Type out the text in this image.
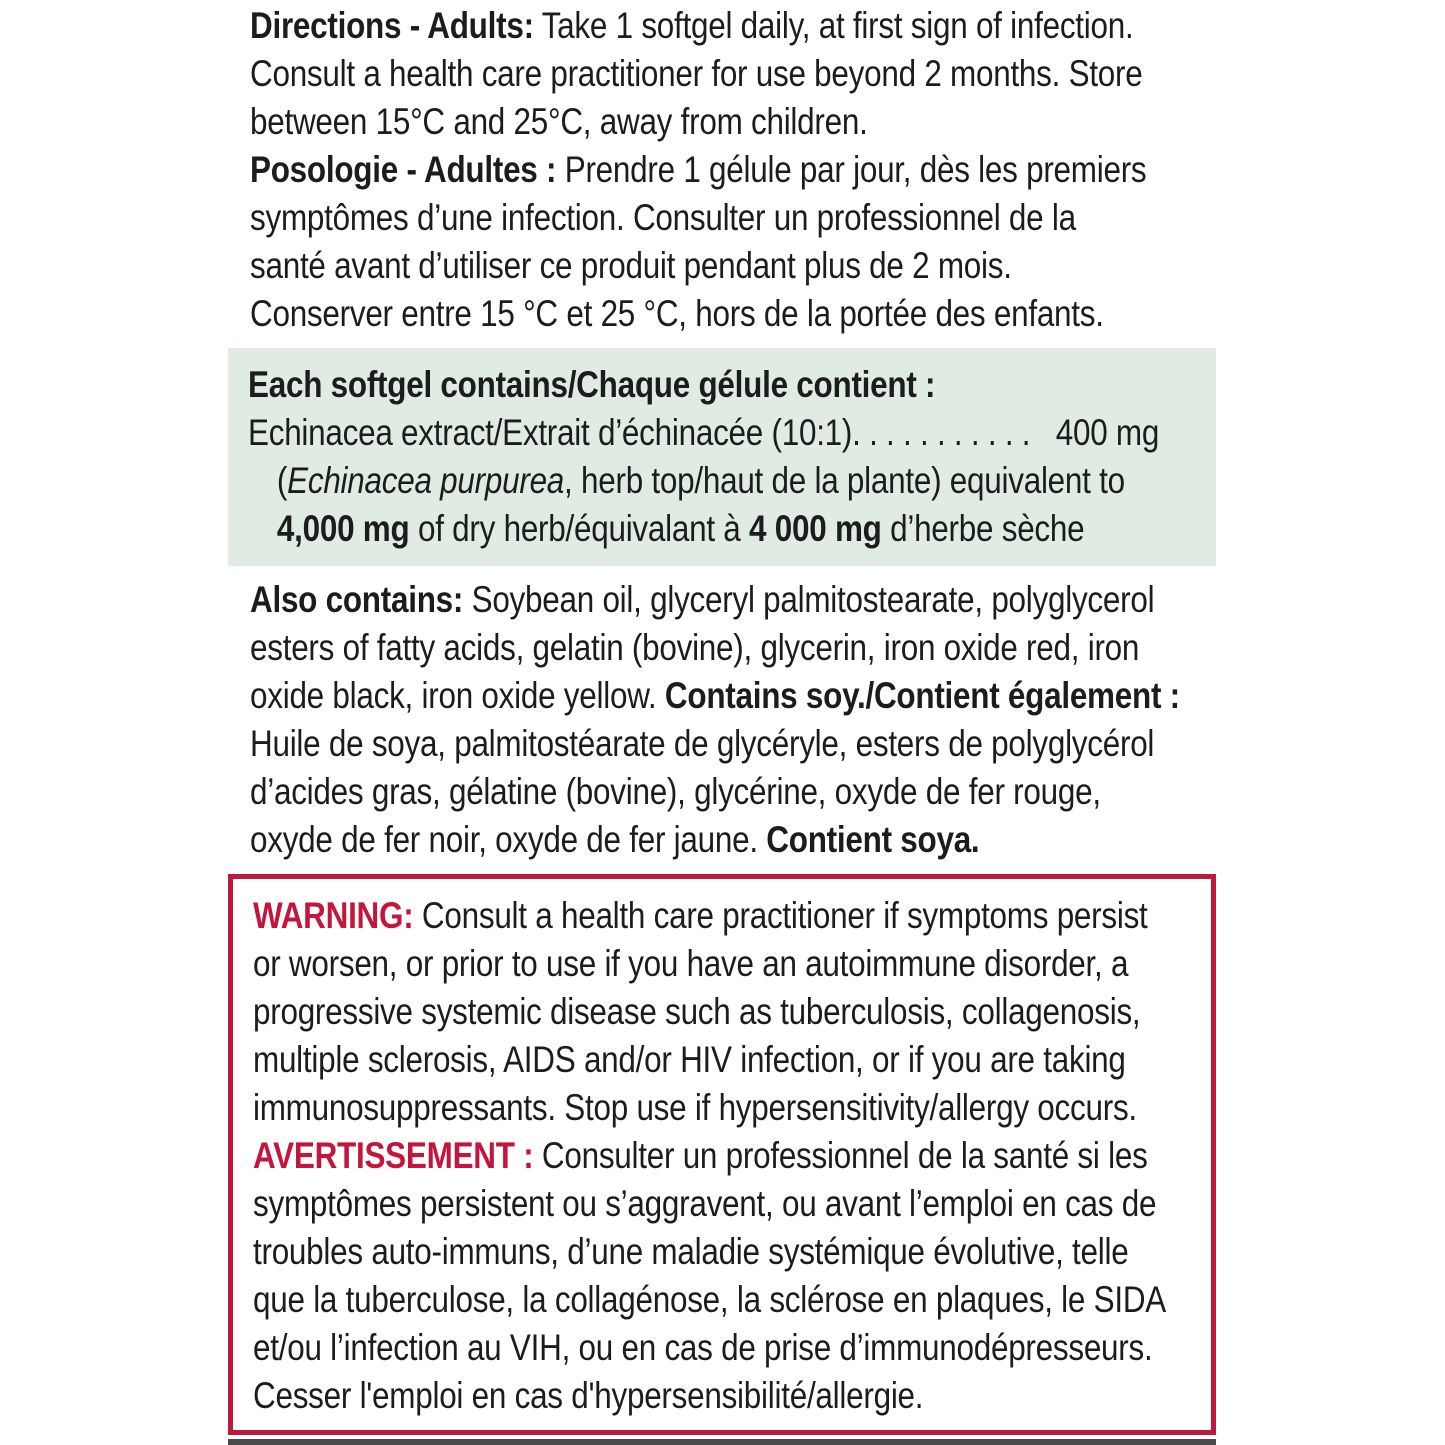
Directions - Adults: Take 1 softgel daily, at first sign of infection.
Consult a health care practitioner for use beyond 2 months. Store
between 15°C and 25°C, away from children.
Posologie - Adultes : Prendre 1 gélule par jour, dès les premiers
symptômes d’une infection. Consulter un professionnel de la
santé avant d’utiliser ce produit pendant plus de 2 mois.
Conserver entre 15 °C et 25 °C, hors de la portée des enfants.
Each softgel contains/Chaque gélule contient :
Echinacea extract/Extrait d’échinacée (10:1). . . . . . . . . . .   400 mg
(Echinacea purpurea, herb top/haut de la plante) equivalent to
4,000 mg of dry herb/équivalant à 4 000 mg d’herbe sèche
Also contains: Soybean oil, glyceryl palmitostearate, polyglycerol
esters of fatty acids, gelatin (bovine), glycerin, iron oxide red, iron
oxide black, iron oxide yellow. Contains soy./Contient également :
Huile de soya, palmitostéarate de glycéryle, esters de polyglycérol
d’acides gras, gélatine (bovine), glycérine, oxyde de fer rouge,
oxyde de fer noir, oxyde de fer jaune. Contient soya.
WARNING: Consult a health care practitioner if symptoms persist
or worsen, or prior to use if you have an autoimmune disorder, a
progressive systemic disease such as tuberculosis, collagenosis,
multiple sclerosis, AIDS and/or HIV infection, or if you are taking
immunosuppressants. Stop use if hypersensitivity/allergy occurs.
AVERTISSEMENT : Consulter un professionnel de la santé si les
symptômes persistent ou s’aggravent, ou avant l’emploi en cas de
troubles auto-immuns, d’une maladie systémique évolutive, telle
que la tuberculose, la collagénose, la sclérose en plaques, le SIDA
et/ou l’infection au VIH, ou en cas de prise d’immunodépresseurs.
Cesser l'emploi en cas d'hypersensibilité/allergie.
